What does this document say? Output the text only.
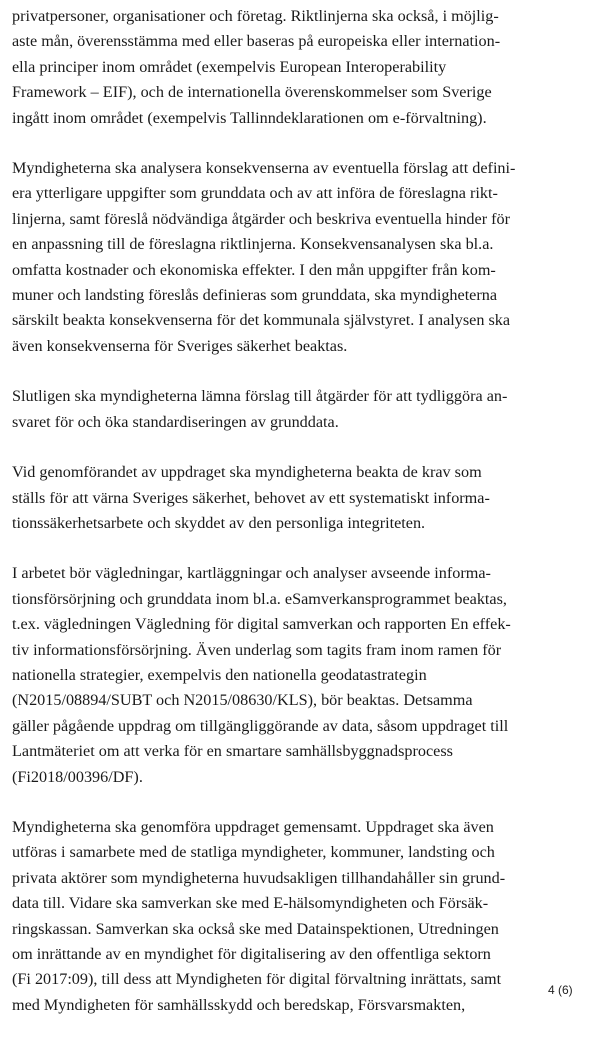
privatpersoner, organisationer och företag. Riktlinjerna ska också, i möjlig-
aste mån, överensstämma med eller baseras på europeiska eller internation-
ella principer inom området (exempelvis European Interoperability
Framework – EIF), och de internationella överenskommelser som Sverige
ingått inom området (exempelvis Tallinndeklarationen om e-förvaltning).

Myndigheterna ska analysera konsekvenserna av eventuella förslag att defini-
era ytterligare uppgifter som grunddata och av att införa de föreslagna rikt-
linjerna, samt föreslå nödvändiga åtgärder och beskriva eventuella hinder för
en anpassning till de föreslagna riktlinjerna. Konsekvensanalysen ska bl.a.
omfatta kostnader och ekonomiska effekter. I den mån uppgifter från kom-
muner och landsting föreslås definieras som grunddata, ska myndigheterna
särskilt beakta konsekvenserna för det kommunala självstyret. I analysen ska
även konsekvenserna för Sveriges säkerhet beaktas.

Slutligen ska myndigheterna lämna förslag till åtgärder för att tydliggöra an-
svaret för och öka standardiseringen av grunddata.

Vid genomförandet av uppdraget ska myndigheterna beakta de krav som
ställs för att värna Sveriges säkerhet, behovet av ett systematiskt informa-
tionssäkerhetsarbete och skyddet av den personliga integriteten.

I arbetet bör vägledningar, kartläggningar och analyser avseende informa-
tionsförsörjning och grunddata inom bl.a. eSamverkansprogrammet beaktas,
t.ex. vägledningen Vägledning för digital samverkan och rapporten En effek-
tiv informationsförsörjning. Även underlag som tagits fram inom ramen för
nationella strategier, exempelvis den nationella geodatastrategin
(N2015/08894/SUBT och N2015/08630/KLS), bör beaktas. Detsamma
gäller pågående uppdrag om tillgängliggörande av data, såsom uppdraget till
Lantmäteriet om att verka för en smartare samhällsbyggnadsprocess
(Fi2018/00396/DF).

Myndigheterna ska genomföra uppdraget gemensamt. Uppdraget ska även
utföras i samarbete med de statliga myndigheter, kommuner, landsting och
privata aktörer som myndigheterna huvudsakligen tillhandahåller sin grund-
data till. Vidare ska samverkan ske med E-hälsomyndigheten och Försäk-
ringskassan. Samverkan ska också ske med Datainspektionen, Utredningen
om inrättande av en myndighet för digitalisering av den offentliga sektorn
(Fi 2017:09), till dess att Myndigheten för digital förvaltning inrättats, samt
med Myndigheten för samhällsskydd och beredskap, Försvarsmakten,

4 (6)
